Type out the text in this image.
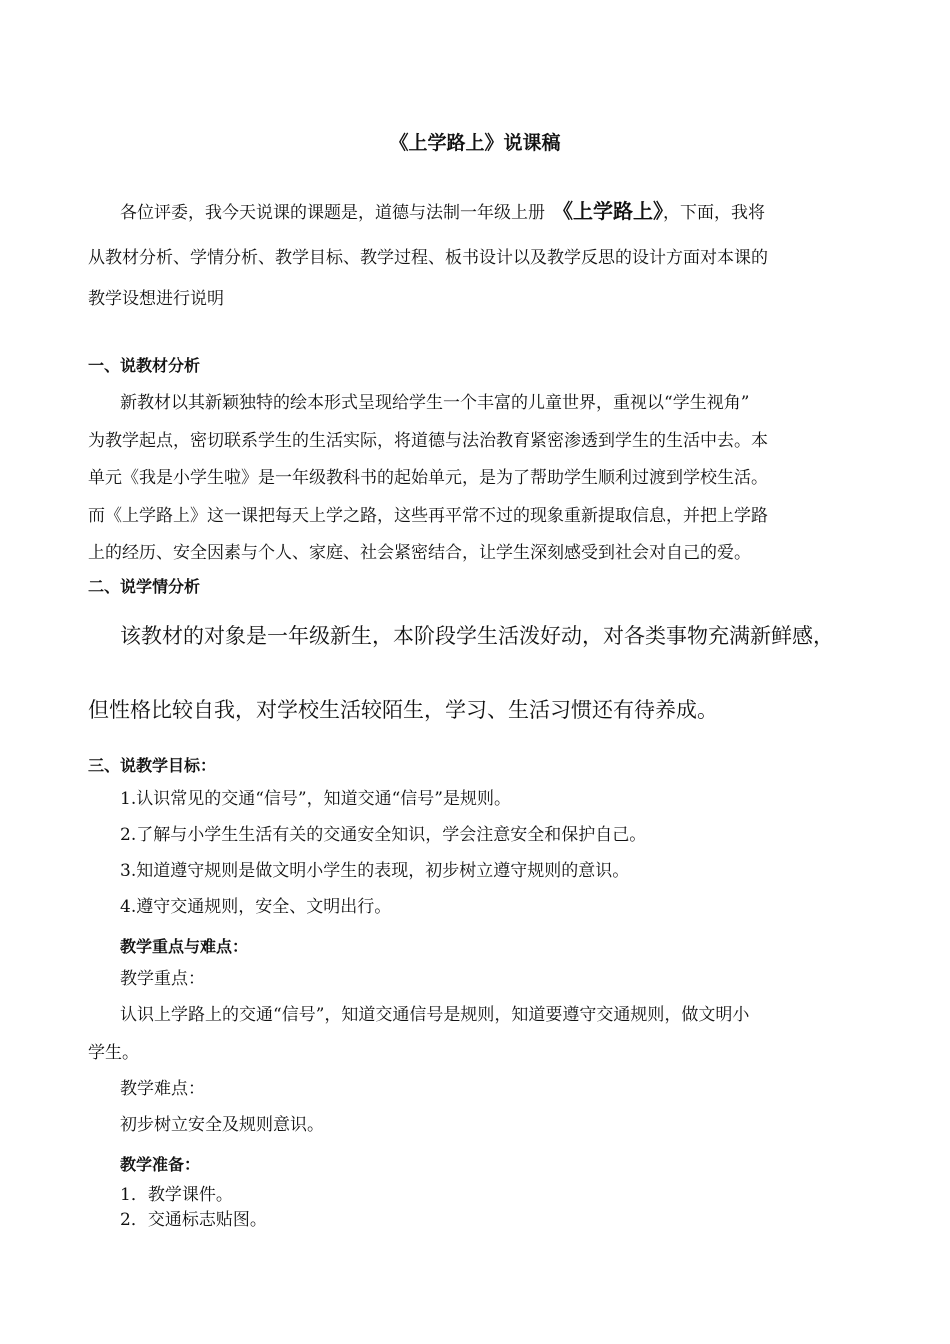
《上学路上》说课稿
各位评委，我今天说课的课题是，道德与法制一年级上册 《上学路上》，下面，我将
从教材分析、学情分析、教学目标、教学过程、板书设计以及教学反思的设计方面对本课的
教学设想进行说明
一、说教材分析
新教材以其新颖独特的绘本形式呈现给学生一个丰富的儿童世界，重视以“学生视角”
为教学起点，密切联系学生的生活实际，将道德与法治教育紧密渗透到学生的生活中去。本
单元《我是小学生啦》是一年级教科书的起始单元，是为了帮助学生顺利过渡到学校生活。
而《上学路上》这一课把每天上学之路，这些再平常不过的现象重新提取信息，并把上学路
上的经历、安全因素与个人、家庭、社会紧密结合，让学生深刻感受到社会对自己的爱。
二、说学情分析
该教材的对象是一年级新生，本阶段学生活泼好动，对各类事物充满新鲜感，
但性格比较自我，对学校生活较陌生，学习、生活习惯还有待养成。
三、说教学目标：
1.认识常见的交通“信号”，知道交通“信号”是规则。
2.了解与小学生生活有关的交通安全知识，学会注意安全和保护自己。
3.知道遵守规则是做文明小学生的表现，初步树立遵守规则的意识。
4.遵守交通规则，安全、文明出行。
教学重点与难点：
教学重点：
认识上学路上的交通“信号”，知道交通信号是规则，知道要遵守交通规则，做文明小
学生。
教学难点：
初步树立安全及规则意识。
教学准备：
1．教学课件。
2．交通标志贴图。
